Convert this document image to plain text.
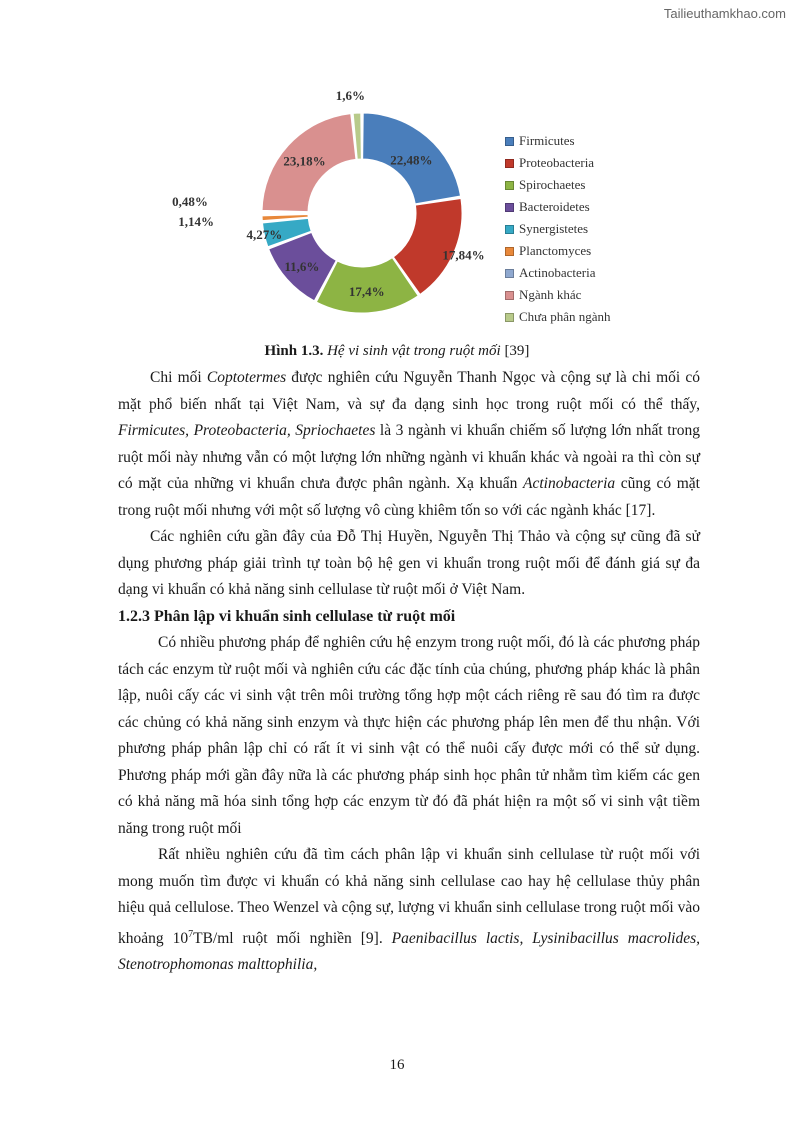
Tailieuthamkhao.com
22,48%
17,84%
17,4%
11,6%
4,27%
1,14%
0,48%
23,18%
1,6%
Firmicutes
Proteobacteria
Spirochaetes
Bacteroidetes
Synergistetes
Planctomyces
Actinobacteria
Ngành khác
Chưa phân ngành
Hình 1.3. Hệ vi sinh vật trong ruột mối [39]

Chi mối Coptotermes được nghiên cứu Nguyễn Thanh Ngọc và cộng sự là chi mối có mặt phổ biến nhất tại Việt Nam, và sự đa dạng sinh học trong ruột mối có thể thấy, Firmicutes, Proteobacteria, Spriochaetes là 3 ngành vi khuẩn chiếm số lượng lớn nhất trong ruột mối này nhưng vẫn có một lượng lớn những ngành vi khuẩn khác và ngoài ra thì còn sự có mặt của những vi khuẩn chưa được phân ngành. Xạ khuẩn Actinobacteria cũng có mặt trong ruột mối nhưng với một số lượng vô cùng khiêm tốn so với các ngành khác [17].

Các nghiên cứu gần đây của Đỗ Thị Huyền, Nguyễn Thị Thảo và cộng sự cũng đã sử dụng phương pháp giải trình tự toàn bộ hệ gen vi khuẩn trong ruột mối để đánh giá sự đa dạng vi khuẩn có khả năng sinh cellulase từ ruột mối ở Việt Nam.

1.2.3 Phân lập vi khuẩn sinh cellulase từ ruột mối

Có nhiều phương pháp để nghiên cứu hệ enzym trong ruột mối, đó là các phương pháp tách các enzym từ ruột mối và nghiên cứu các đặc tính của chúng, phương pháp khác là phân lập, nuôi cấy các vi sinh vật trên môi trường tổng hợp một cách riêng rẽ sau đó tìm ra được các chủng có khả năng sinh enzym và thực hiện các phương pháp lên men để thu nhận. Với phương pháp phân lập chỉ có rất ít vi sinh vật có thể nuôi cấy được mới có thể sử dụng. Phương pháp mới gần đây nữa là các phương pháp sinh học phân tử nhằm tìm kiếm các gen có khả năng mã hóa sinh tổng hợp các enzym từ đó đã phát hiện ra một số vi sinh vật tiềm năng trong ruột mối

Rất nhiều nghiên cứu đã tìm cách phân lập vi khuẩn sinh cellulase từ ruột mối với mong muốn tìm được vi khuẩn có khả năng sinh cellulase cao hay hệ cellulase thủy phân hiệu quả cellulose. Theo Wenzel và cộng sự, lượng vi khuẩn sinh cellulase trong ruột mối vào khoảng $10^7TB/ml$ ruột mối nghiền [9]. Paenibacillus lactis, Lysinibacillus macrolides, Stenotrophomonas malttophilia,

16
